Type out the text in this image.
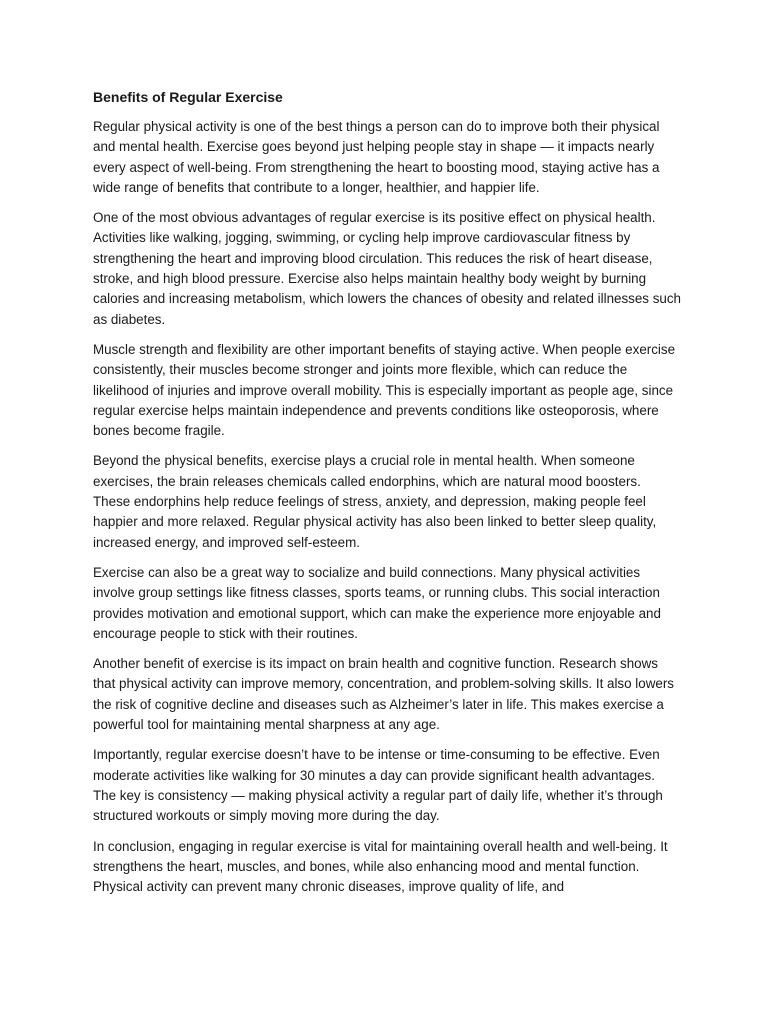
Benefits of Regular Exercise

Regular physical activity is one of the best things a person can do to improve both their physical and mental health. Exercise goes beyond just helping people stay in shape — it impacts nearly every aspect of well-being. From strengthening the heart to boosting mood, staying active has a wide range of benefits that contribute to a longer, healthier, and happier life.

One of the most obvious advantages of regular exercise is its positive effect on physical health. Activities like walking, jogging, swimming, or cycling help improve cardiovascular fitness by strengthening the heart and improving blood circulation. This reduces the risk of heart disease, stroke, and high blood pressure. Exercise also helps maintain healthy body weight by burning calories and increasing metabolism, which lowers the chances of obesity and related illnesses such as diabetes.

Muscle strength and flexibility are other important benefits of staying active. When people exercise consistently, their muscles become stronger and joints more flexible, which can reduce the likelihood of injuries and improve overall mobility. This is especially important as people age, since regular exercise helps maintain independence and prevents conditions like osteoporosis, where bones become fragile.

Beyond the physical benefits, exercise plays a crucial role in mental health. When someone exercises, the brain releases chemicals called endorphins, which are natural mood boosters. These endorphins help reduce feelings of stress, anxiety, and depression, making people feel happier and more relaxed. Regular physical activity has also been linked to better sleep quality, increased energy, and improved self-esteem.

Exercise can also be a great way to socialize and build connections. Many physical activities involve group settings like fitness classes, sports teams, or running clubs. This social interaction provides motivation and emotional support, which can make the experience more enjoyable and encourage people to stick with their routines.

Another benefit of exercise is its impact on brain health and cognitive function. Research shows that physical activity can improve memory, concentration, and problem-solving skills. It also lowers the risk of cognitive decline and diseases such as Alzheimer’s later in life. This makes exercise a powerful tool for maintaining mental sharpness at any age.

Importantly, regular exercise doesn’t have to be intense or time-consuming to be effective. Even moderate activities like walking for 30 minutes a day can provide significant health advantages. The key is consistency — making physical activity a regular part of daily life, whether it’s through structured workouts or simply moving more during the day.

In conclusion, engaging in regular exercise is vital for maintaining overall health and well-being. It strengthens the heart, muscles, and bones, while also enhancing mood and mental function. Physical activity can prevent many chronic diseases, improve quality of life, and
